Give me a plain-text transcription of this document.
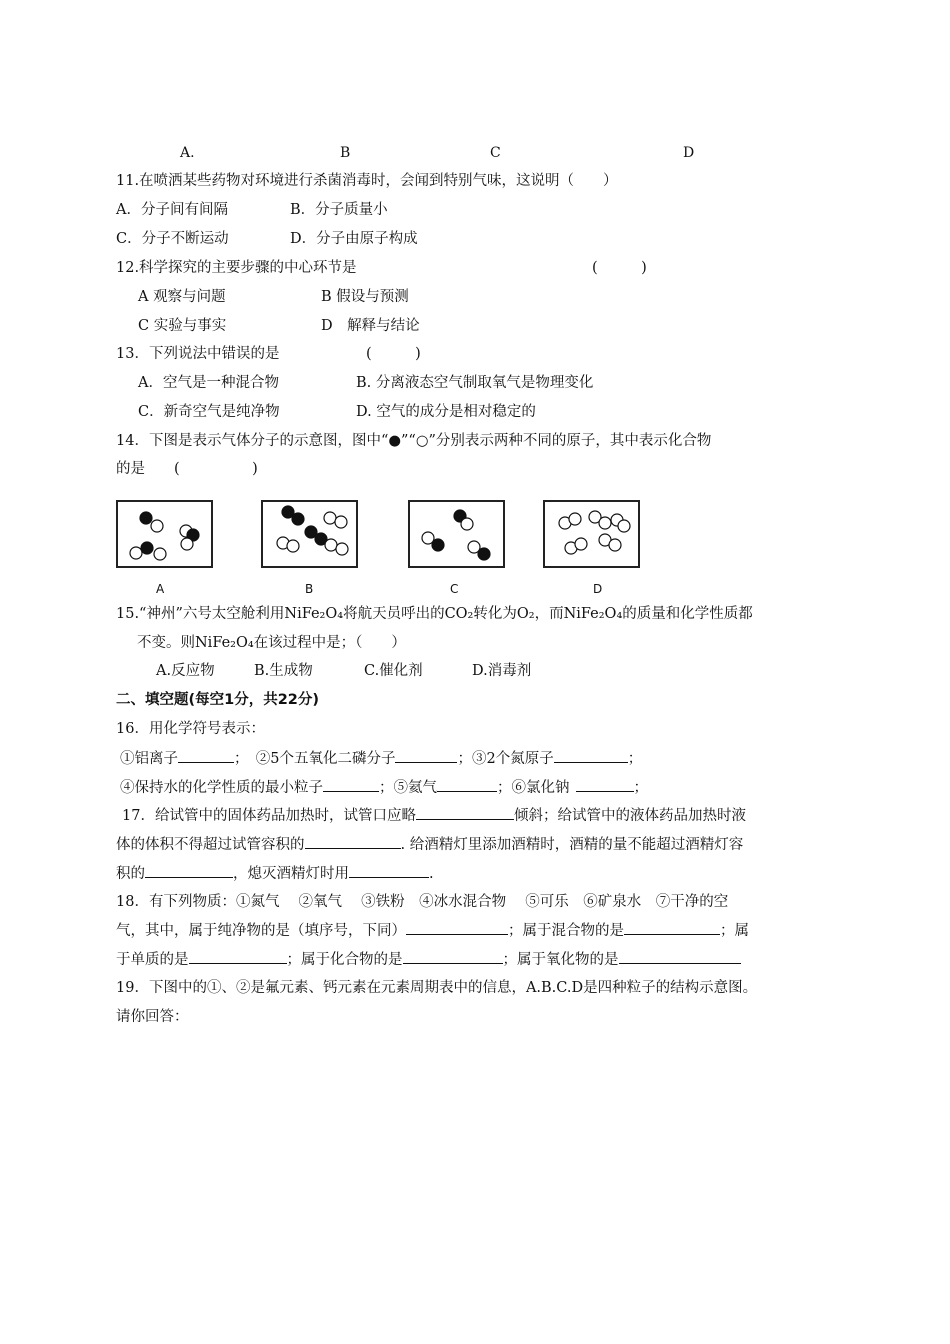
A.	B	C	D
11.在喷洒某些药物对环境进行杀菌消毒时，会闻到特别气味，这说明（　　）
A．分子间有间隔	B．分子质量小
C．分子不断运动	D．分子由原子构成
12.科学探究的主要步骤的中心环节是	(　　　)
A 观察与问题	B 假设与预测
C 实验与事实	D　解释与结论
13．下列说法中错误的是	(　　　)
A．空气是一种混合物	B. 分离液态空气制取氧气是物理变化
C．新奇空气是纯净物	D. 空气的成分是相对稳定的
14．下图是表示气体分子的示意图，图中“●”“○”分别表示两种不同的原子，其中表示化合物
的是　　(　　　　　)
A	B	C	D
15.“神州”六号太空舱利用NiFe₂O₄将航天员呼出的CO₂转化为O₂，而NiFe₂O₄的质量和化学性质都
不变。则NiFe₂O₄在该过程中是；（　　）
A.反应物	B.生成物	C.催化剂	D.消毒剂
二、填空题(每空1分，共22分)
16．用化学符号表示：
①铝离子	；　②5个五氧化二磷分子	；③2个氮原子	；
④保持水的化学性质的最小粒子	；⑤氦气	；⑥氯化钠	；
17．给试管中的固体药品加热时，试管口应略	倾斜；给试管中的液体药品加热时液
体的体积不得超过试管容积的	. 给酒精灯里添加酒精时，酒精的量不能超过酒精灯容
积的	，熄灭酒精灯时用	.
18．有下列物质：①氮气　 ②氧气　 ③铁粉　④冰水混合物　 ⑤可乐　⑥矿泉水　⑦干净的空
气，其中，属于纯净物的是（填序号，下同）	；属于混合物的是	；属
于单质的是	；属于化合物的是	；属于氧化物的是
19．下图中的①、②是氟元素、钙元素在元素周期表中的信息，A.B.C.D是四种粒子的结构示意图。
请你回答：
